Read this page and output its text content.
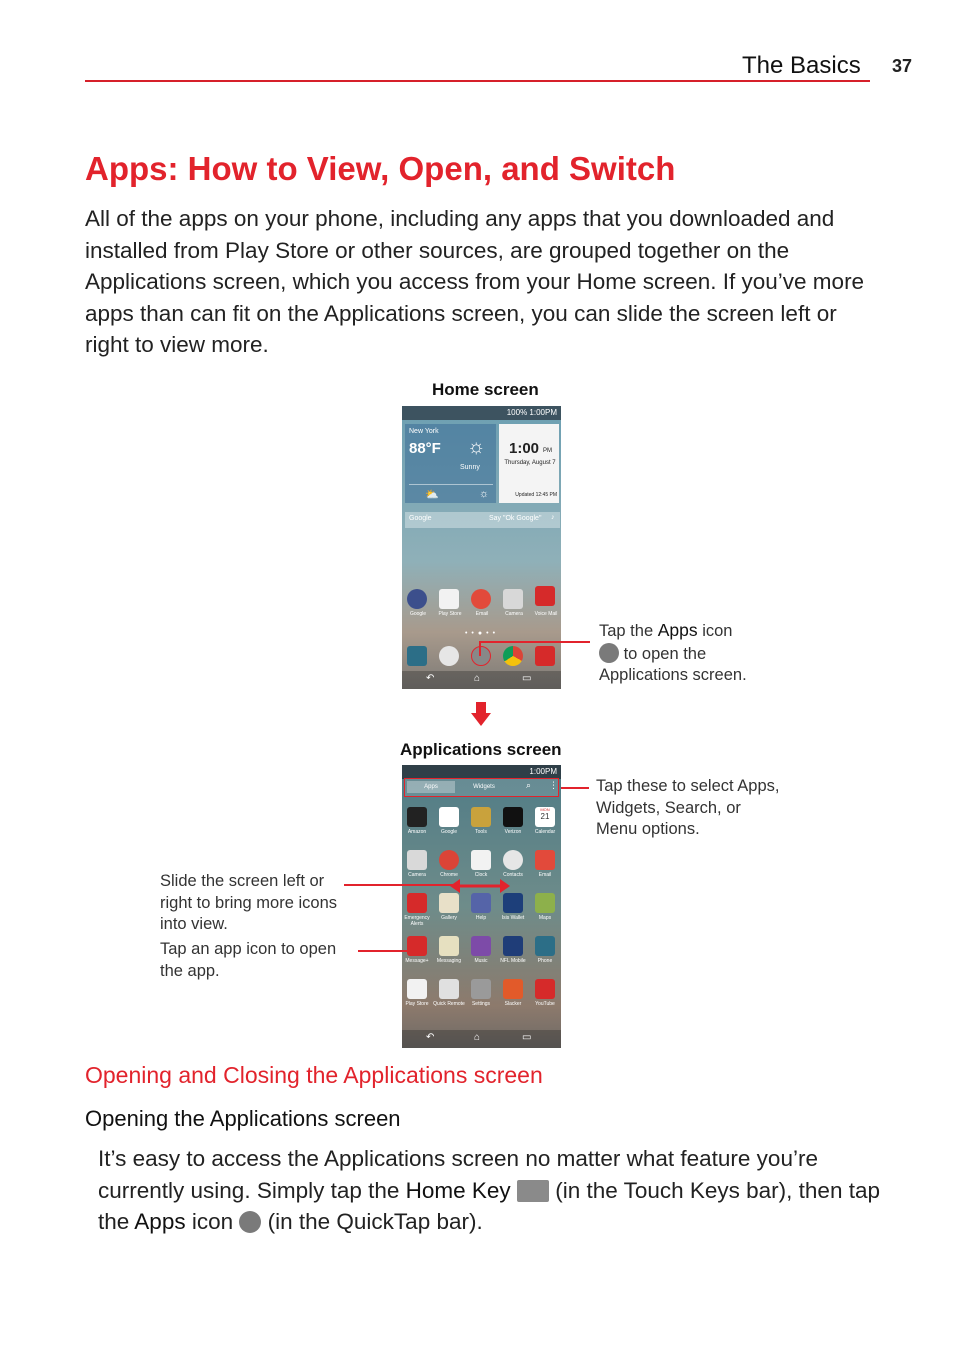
The Basics 37
Apps: How to View, Open, and Switch
All of the apps on your phone, including any apps that you downloaded and installed from Play Store or other sources, are grouped together on the Applications screen, which you access from your Home screen. If you’ve more apps than can fit on the Applications screen, you can slide the screen left or right to view more.
Home screen
100% 1:00PM
New York
88°F
Sunny
☼
⛅	☼
1:00 PM
Thursday, August 7
Updated 12:45 PM
Google	Say "Ok Google" ♪
Google	Play Store	Email	Camera	Voice Mail
••●••
↶	⌂	▭
Tap the Apps icon
to open the
Applications screen.
Applications screen
1:00PM
Apps	Widgets	⌕ ⋮
Amazon	Google	Tools	Verizon
MON
21
Calendar
Camera	Chrome	Clock	Contacts	Email
Emergency Alerts
Gallery	Help	Isis Wallet	Maps
Message+	Messaging	Music	NFL Mobile	Phone
Play Store Quick Remote	Settings	Slacker	YouTube
↶	⌂	▭
Tap these to select Apps,
Widgets, Search, or
Menu options.
Slide the screen left or
right to bring more icons
into view.
Tap an app icon to open
the app.
Opening and Closing the Applications screen
Opening the Applications screen
It’s easy to access the Applications screen no matter what feature you’re currently using. Simply tap the Home Key  (in the Touch Keys bar), then tap the Apps icon  (in the QuickTap bar).
